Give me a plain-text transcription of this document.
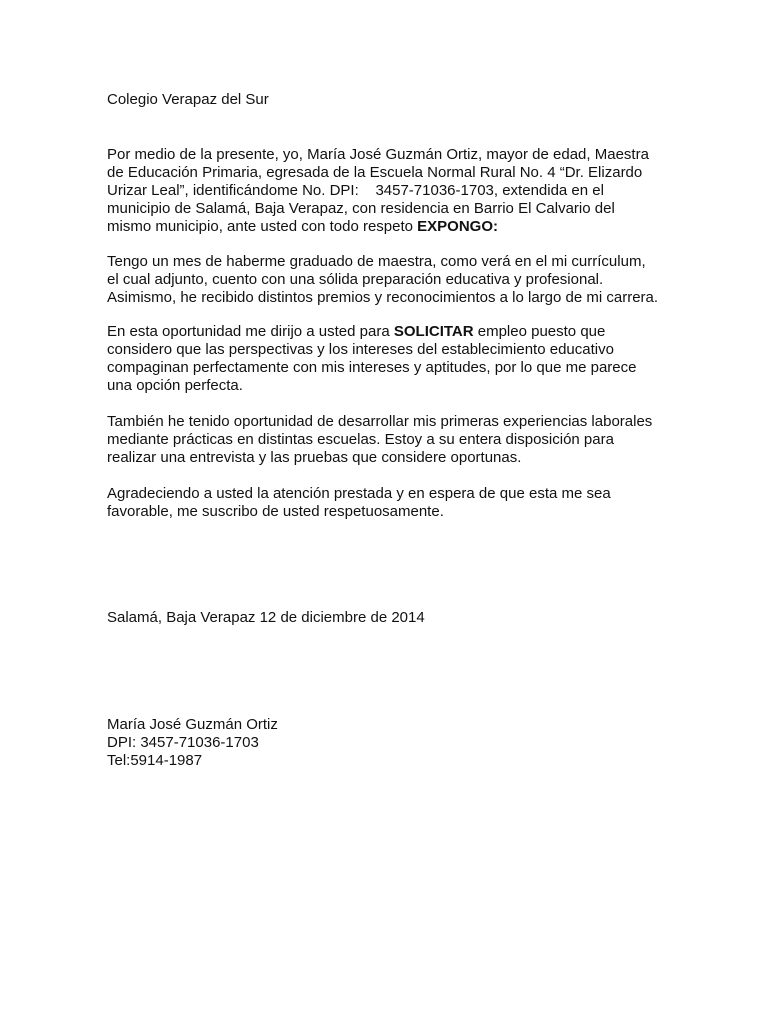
Colegio Verapaz del Sur
Por medio de la presente, yo, María José Guzmán Ortiz, mayor de edad, Maestra
de Educación Primaria, egresada de la Escuela Normal Rural No. 4 “Dr. Elizardo
Urizar Leal”, identificándome No. DPI:    3457-71036-1703, extendida en el
municipio de Salamá, Baja Verapaz, con residencia en Barrio El Calvario del
mismo municipio, ante usted con todo respeto EXPONGO:
Tengo un mes de haberme graduado de maestra, como verá en el mi currículum,
el cual adjunto, cuento con una sólida preparación educativa y profesional.
Asimismo, he recibido distintos premios y reconocimientos a lo largo de mi carrera.
En esta oportunidad me dirijo a usted para SOLICITAR empleo puesto que
considero que las perspectivas y los intereses del establecimiento educativo
compaginan perfectamente con mis intereses y aptitudes, por lo que me parece
una opción perfecta.
También he tenido oportunidad de desarrollar mis primeras experiencias laborales
mediante prácticas en distintas escuelas. Estoy a su entera disposición para
realizar una entrevista y las pruebas que considere oportunas.
Agradeciendo a usted la atención prestada y en espera de que esta me sea
favorable, me suscribo de usted respetuosamente.
Salamá, Baja Verapaz 12 de diciembre de 2014
María José Guzmán Ortiz
DPI: 3457-71036-1703
Tel:5914-1987
